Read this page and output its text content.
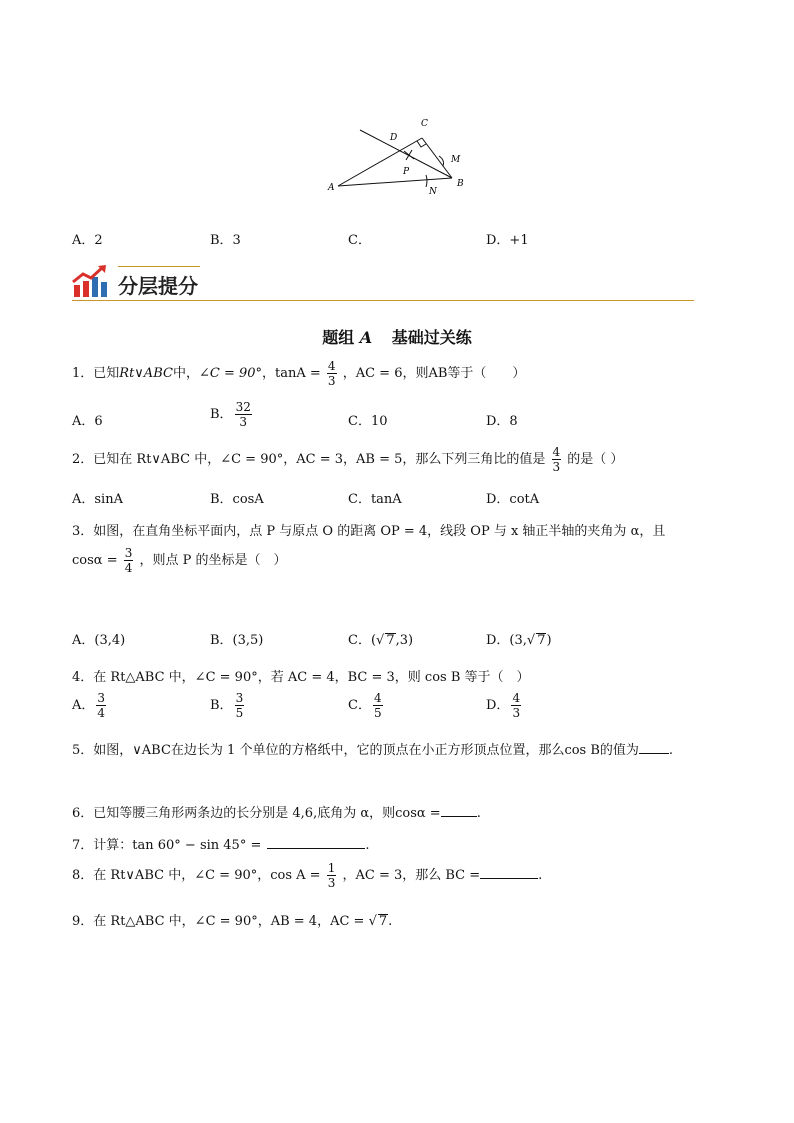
A	B
C
D
M
N
P
A．2	B．3	C．	D．+1
分层提分
题组 A 基础过关练
1．已知Rt∨ABC中，∠C = 90°，$\tan A = \frac{4}{3}$ ，AC = 6，则AB等于（　　）
A．6	B． $\frac{32}{3}$	C．10	D．8
2．已知在 Rt∨ABC 中，∠C = 90°，AC = 3，AB = 5，那么下列三角比的值是 $\frac{4}{3}$ 的是（ ）
A．sinA	B．cosA	C．tanA	D．cotA
3．如图，在直角坐标平面内，点 P 与原点 O 的距离 OP = 4，线段 OP 与 x 轴正半轴的夹角为 α，且
$\cos\alpha = \frac{3}{4}$ ，则点 P 的坐标是（　）
A．(3,4)	B．(3,5)	C．(√ 7,3)	D．(3,√ 7)
4．在 Rt△ABC 中，∠C = 90°，若 AC = 4，BC = 3，则 cos B 等于（　）
A． $\frac{3}{4}$	B． $\frac{3}{5}$	C． $\frac{4}{5}$	D． $\frac{4}{3}$
5．如图，∨ABC在边长为 1 个单位的方格纸中，它的顶点在小正方形顶点位置，那么cos B的值为 .
6．已知等腰三角形两条边的长分别是 4,6,底角为 α，则cosα =	.
7．计算：tan 60° − sin 45° =	.
8．在 Rt∨ABC 中，∠C = 90°，$\cos A = \frac{1}{3}$ ，AC = 3，那么 BC =	.
9．在 Rt△ABC 中，∠C = 90°，AB = 4，AC = √ 7.
